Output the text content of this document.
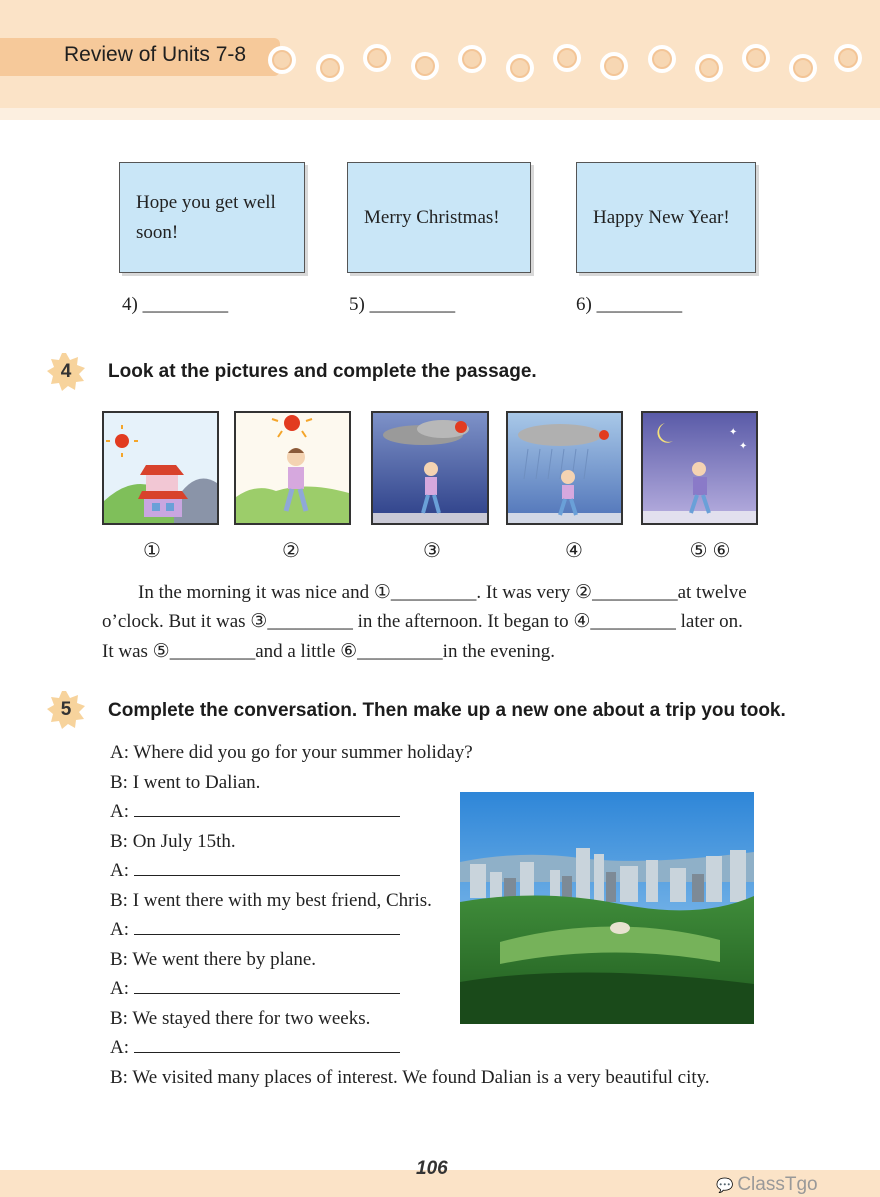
Review of Units 7-8
Hope you get well soon!
Merry Christmas!	Happy New Year!
4) _________	5) _________	6) _________
4	Look at the pictures and complete the passage.
✦
✦
①	②	③	④	⑤ ⑥
In the morning it was nice and ①_________. It was very ②_________at twelve
o’clock. But it was ③_________ in the afternoon. It began to ④_________ later on.
It was ⑤_________and a little ⑥_________in the evening.
5	Complete the conversation. Then make up a new one about a trip you took.
A: Where did you go for your summer holiday?
B: I went to Dalian.
A:
B: On July 15th.
A:
B: I went there with my best friend, Chris.
A:
B: We went there by plane.
A:
B: We stayed there for two weeks.
A:
B: We visited many places of interest. We found Dalian is a very beautiful city.
106
💬 ClassTgo
